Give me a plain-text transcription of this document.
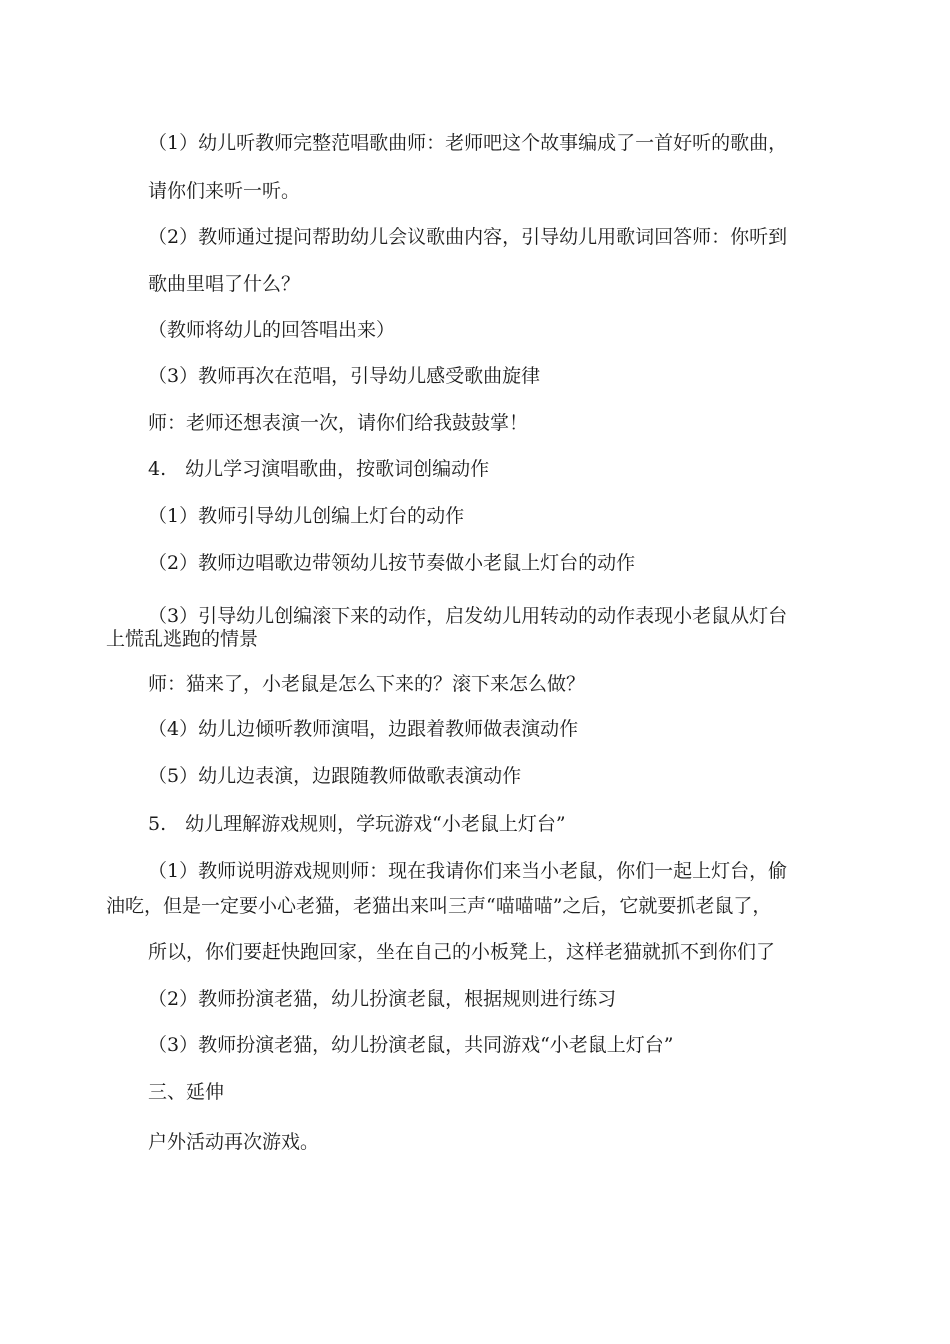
（1）幼儿听教师完整范唱歌曲师：老师吧这个故事编成了一首好听的歌曲，
请你们来听一听。
（2）教师通过提问帮助幼儿会议歌曲内容，引导幼儿用歌词回答师：你听到
歌曲里唱了什么？
（教师将幼儿的回答唱出来）
（3）教师再次在范唱，引导幼儿感受歌曲旋律
师：老师还想表演一次，请你们给我鼓鼓掌！
4.　幼儿学习演唱歌曲，按歌词创编动作
（1）教师引导幼儿创编上灯台的动作
（2）教师边唱歌边带领幼儿按节奏做小老鼠上灯台的动作
（3）引导幼儿创编滚下来的动作，启发幼儿用转动的动作表现小老鼠从灯台
上慌乱逃跑的情景
师：猫来了，小老鼠是怎么下来的？滚下来怎么做？
（4）幼儿边倾听教师演唱，边跟着教师做表演动作
（5）幼儿边表演，边跟随教师做歌表演动作
5.　幼儿理解游戏规则，学玩游戏“小老鼠上灯台”
（1）教师说明游戏规则师：现在我请你们来当小老鼠，你们一起上灯台，偷
油吃，但是一定要小心老猫，老猫出来叫三声“喵喵喵”之后，它就要抓老鼠了，
所以，你们要赶快跑回家，坐在自己的小板凳上，这样老猫就抓不到你们了
（2）教师扮演老猫，幼儿扮演老鼠，根据规则进行练习
（3）教师扮演老猫，幼儿扮演老鼠，共同游戏“小老鼠上灯台”
三、延伸
户外活动再次游戏。
